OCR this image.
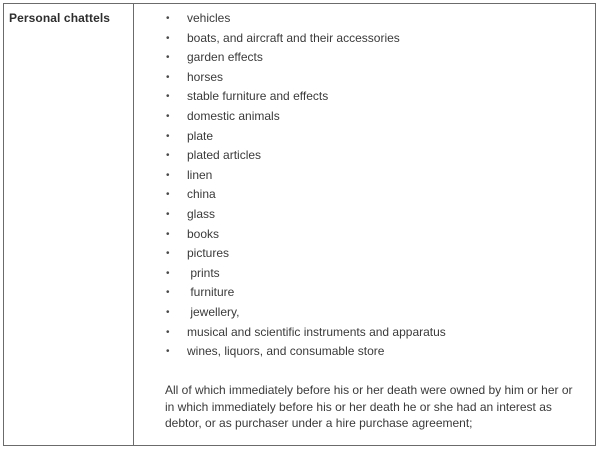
Personal chattels	• vehicles
• boats, and aircraft and their accessories
• garden effects
• horses
• stable furniture and effects
• domestic animals
• plate
• plated articles
• linen
• china
• glass
• books
• pictures
• prints
• furniture
• jewellery,
• musical and scientific instruments and apparatus
• wines, liquors, and consumable store

All of which immediately before his or her death were owned by him or her or in which immediately before his or her death he or she had an interest as debtor, or as purchaser under a hire purchase agreement;
